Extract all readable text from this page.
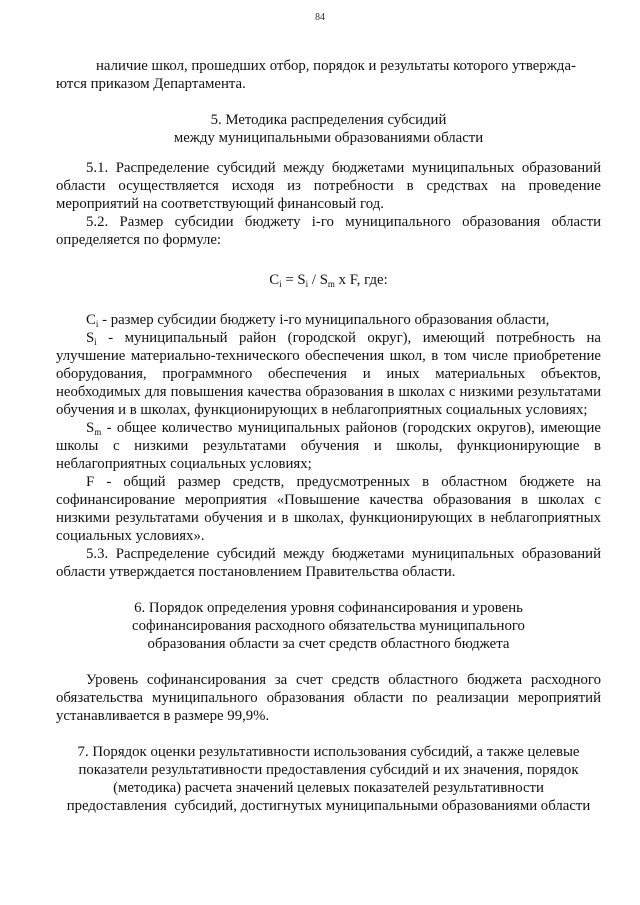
84

наличие школ, прошедших отбор, порядок и результаты которого утвержда-
ются приказом Департамента.

5. Методика распределения субсидий
между муниципальными образованиями области

5.1. Распределение субсидий между бюджетами муниципальных образований области осуществляется исходя из потребности в средствах на проведение мероприятий на соответствующий финансовый год.

5.2. Размер субсидии бюджету i-го муниципального образования области определяется по формуле:

$C_i = S_i / S_m$ х F, где:

$C_i$ - размер субсидии бюджету i-го муниципального образования области,

$S_i$ - муниципальный район (городской округ), имеющий потребность на улучшение материально-технического обеспечения школ, в том числе приобретение оборудования, программного обеспечения и иных материальных объектов, необходимых для повышения качества образования в школах с низкими результатами обучения и в школах, функционирующих в неблагоприятных социальных условиях;

$S_m$ - общее количество муниципальных районов (городских округов), имеющие школы с низкими результатами обучения и школы, функционирующие в неблагоприятных социальных условиях;

F - общий размер средств, предусмотренных в областном бюджете на софинансирование мероприятия «Повышение качества образования в школах с низкими результатами обучения и в школах, функционирующих в неблагоприятных социальных условиях».

5.3. Распределение субсидий между бюджетами муниципальных образований области утверждается постановлением Правительства области.

6. Порядок определения уровня софинансирования и уровень
софинансирования расходного обязательства муниципального
образования области за счет средств областного бюджета

Уровень софинансирования за счет средств областного бюджета расходного обязательства муниципального образования области по реализации мероприятий устанавливается в размере 99,9%.

7. Порядок оценки результативности использования субсидий, а также целевые
показатели результативности предоставления субсидий и их значения, порядок
(методика) расчета значений целевых показателей результативности
предоставления  субсидий, достигнутых муниципальными образованиями области
